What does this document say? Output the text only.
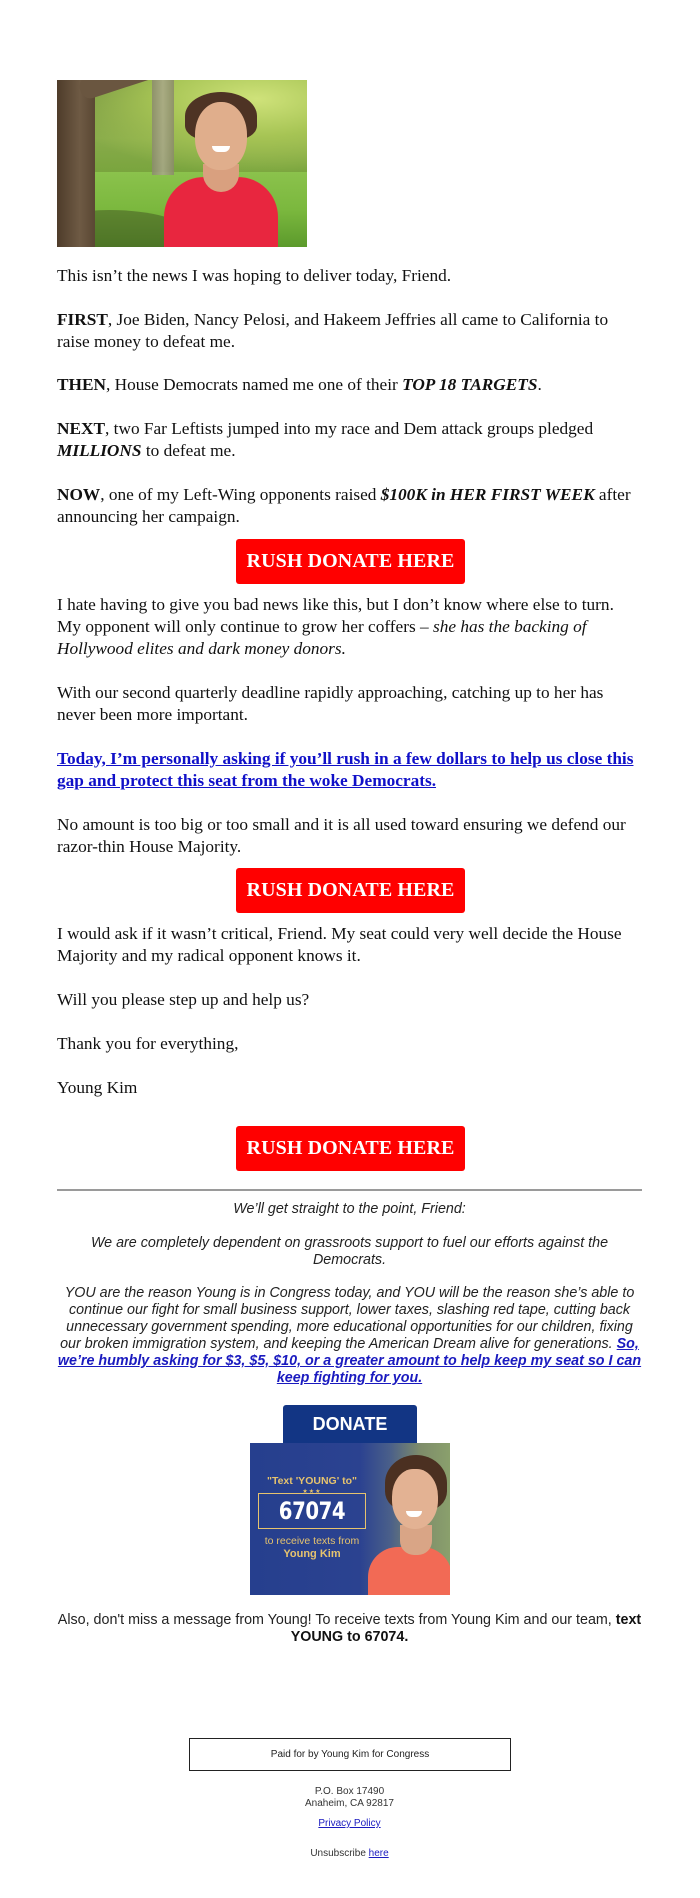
This isn’t the news I was hoping to deliver today, Friend.

FIRST, Joe Biden, Nancy Pelosi, and Hakeem Jeffries all came to California to raise money to defeat me.

THEN, House Democrats named me one of their TOP 18 TARGETS.

NEXT, two Far Leftists jumped into my race and Dem attack groups pledged MILLIONS to defeat me.

NOW, one of my Left-Wing opponents raised $100K in HER FIRST WEEK after announcing her campaign.

RUSH DONATE HERE

I hate having to give you bad news like this, but I don’t know where else to turn. My opponent will only continue to grow her coffers – she has the backing of Hollywood elites and dark money donors.

With our second quarterly deadline rapidly approaching, catching up to her has never been more important.

Today, I’m personally asking if you’ll rush in a few dollars to help us close this gap and protect this seat from the woke Democrats.

No amount is too big or too small and it is all used toward ensuring we defend our razor-thin House Majority.

RUSH DONATE HERE

I would ask if it wasn’t critical, Friend. My seat could very well decide the House Majority and my radical opponent knows it.

Will you please step up and help us?

Thank you for everything,

Young Kim

RUSH DONATE HERE

We’ll get straight to the point, Friend:

We are completely dependent on grassroots support to fuel our efforts against the Democrats.

YOU are the reason Young is in Congress today, and YOU will be the reason she’s able to continue our fight for small business support, lower taxes, slashing red tape, cutting back unnecessary government spending, more educational opportunities for our children, fixing our broken immigration system, and keeping the American Dream alive for generations. So, we’re humbly asking for $3, $5, $10, or a greater amount to help keep my seat so I can keep fighting for you.

DONATE
"Text 'YOUNG' to"
★★★
67074
to receive texts from
Young Kim

Also, don't miss a message from Young! To receive texts from Young Kim and our team, text YOUNG to 67074.

Paid for by Young Kim for Congress
P.O. Box 17490
Anaheim, CA 92817
Privacy Policy
Unsubscribe here
